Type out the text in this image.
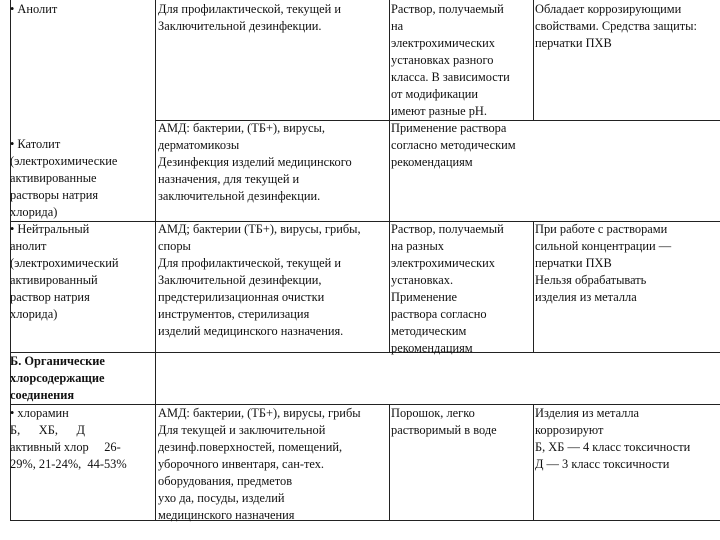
• Анолит	Для профилактической, текущей и
Заключительной дезинфекции.
Раствор, получаемый
на
электрохимических
установках разного
класса. В зависимости
от модификации
имеют разные pH.
Обладает коррозирующими
свойствами. Средства защиты:
перчатки ПХВ
• Католит
(электрохимические
активированные
растворы натрия
хлорида)
АМД: бактерии, (ТБ+), вирусы,
дерматомикозы
Дезинфекция изделий медицинского
назначения, для текущей и
заключительной дезинфекции.
Применение раствора
согласно методическим
рекомендациям
• Нейтральный
анолит
(электрохимический
активированный
раствор натрия
хлорида)
АМД; бактерии (ТБ+), вирусы, грибы,
споры
Для профилактической, текущей и
Заключительной дезинфекции,
предстерилизационная очистки
инструментов, стерилизация
изделий медицинского назначения.
Раствор, получаемый
на разных
электрохимических
установках.
Применение
раствора согласно
методическим
рекомендациям
При работе с растворами
сильной концентрации —
перчатки ПХВ
Нельзя обрабатывать
изделия из металла
Б. Органические
хлорсодержащие
соединения
• хлорамин
Б,      ХБ,      Д
активный хлор     26-
29%, 21-24%,  44-53%
АМД: бактерии, (ТБ+), вирусы, грибы
Для текущей и заключительной
дезинф.поверхностей, помещений,
уборочного инвентаря, сан-тех.
оборудования, предметов
ухо да, посуды, изделий
медицинского назначения
Порошок, легко
растворимый в воде
Изделия из металла
коррозируют
Б, ХБ — 4 класс токсичности
Д — 3 класс токсичности
